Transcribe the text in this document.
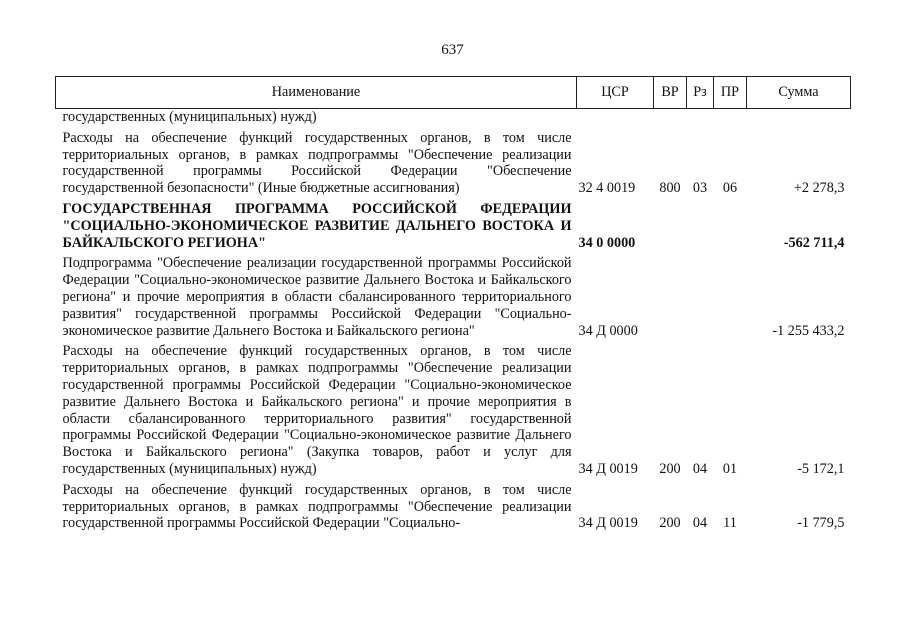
637
Наименование	ЦСР	ВР	Рз	ПР	Сумма
государственных (муниципальных) нужд)					
Расходы на обеспечение функций государственных органов, в том числе территориальных органов, в рамках подпрограммы "Обеспечение реализации государственной программы Российской Федерации "Обеспечение государственной безопасности" (Иные бюджетные ассигнования)	32 4 0019	800	03	06	+2 278,3
ГОСУДАРСТВЕННАЯ ПРОГРАММА РОССИЙСКОЙ ФЕДЕРАЦИИ "СОЦИАЛЬНО-ЭКОНОМИЧЕСКОЕ РАЗВИТИЕ ДАЛЬНЕГО ВОСТОКА И БАЙКАЛЬСКОГО РЕГИОНА"	34 0 0000				-562 711,4
Подпрограмма "Обеспечение реализации государственной программы Российской Федерации "Социально-экономическое развитие Дальнего Востока и Байкальского региона" и прочие мероприятия в области сбалансированного территориального развития" государственной программы Российской Федерации "Социально-экономическое развитие Дальнего Востока и Байкальского региона"	34 Д 0000				-1 255 433,2
Расходы на обеспечение функций государственных органов, в том числе территориальных органов, в рамках подпрограммы "Обеспечение реализации государственной программы Российской Федерации "Социально-экономическое развитие Дальнего Востока и Байкальского региона" и прочие мероприятия в области сбалансированного территориального развития" государственной программы Российской Федерации "Социально-экономическое развитие Дальнего Востока и Байкальского региона" (Закупка товаров, работ и услуг для государственных (муниципальных) нужд)	34 Д 0019	200	04	01	-5 172,1
Расходы на обеспечение функций государственных органов, в том числе территориальных органов, в рамках подпрограммы "Обеспечение реализации государственной программы Российской Федерации "Социально-	34 Д 0019	200	04	11	-1 779,5
